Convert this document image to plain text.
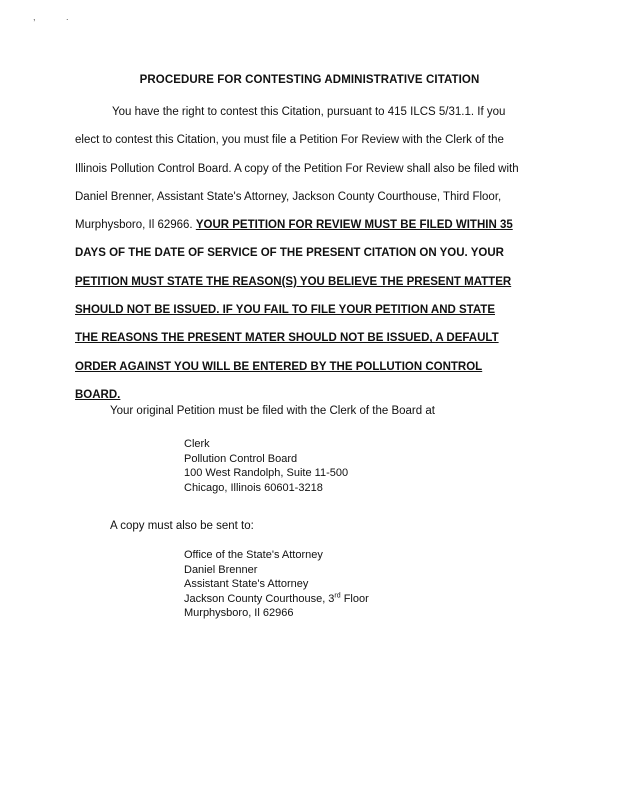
,	.
PROCEDURE FOR CONTESTING ADMINISTRATIVE CITATION
You have the right to contest this Citation, pursuant to 415 ILCS 5/31.1. If you
elect to contest this Citation, you must file a Petition For Review with the Clerk of the
Illinois Pollution Control Board. A copy of the Petition For Review shall also be filed with
Daniel Brenner, Assistant State's Attorney, Jackson County Courthouse, Third Floor,
Murphysboro, Il 62966. YOUR PETITION FOR REVIEW MUST BE FILED WITHIN 35
DAYS OF THE DATE OF SERVICE OF THE PRESENT CITATION ON YOU. YOUR
PETITION MUST STATE THE REASON(S) YOU BELIEVE THE PRESENT MATTER
SHOULD NOT BE ISSUED. IF YOU FAIL TO FILE YOUR PETITION AND STATE
THE REASONS THE PRESENT MATER SHOULD NOT BE ISSUED, A DEFAULT
ORDER AGAINST YOU WILL BE ENTERED BY THE POLLUTION CONTROL
BOARD.
Your original Petition must be filed with the Clerk of the Board at
Clerk
Pollution Control Board
100 West Randolph, Suite 11-500
Chicago, Illinois 60601-3218
A copy must also be sent to:
Office of the State's Attorney
Daniel Brenner
Assistant State's Attorney
Jackson County Courthouse, 3rd Floor
Murphysboro, Il 62966
